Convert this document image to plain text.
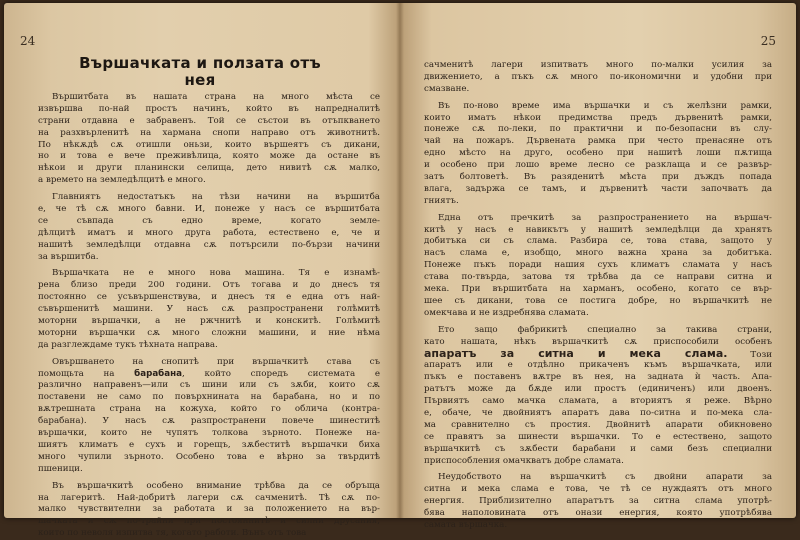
24
Вършачката и ползата отъ
нея
Вършитбата въ нашата страна на много мѣста се
извършва по-най простъ начинъ, който въ напредналитѣ
страни отдавна е забравенъ. Той се състои въ отъпкването
на разхвърленитѣ на хармана снопи направо отъ животнитѣ.
По нѣкѫдѣ сѫ отишли оньзи, които вършеятъ съ дикани,
но и това е вече преживѣлица, която може да остане въ
нѣкои и други планински селища, дето нивитѣ сѫ малко,
а времето на земледѣлцитѣ е много.
Главниятъ недостатъкъ на тѣзи начини на вършитба
е, че тѣ сѫ много бавни. И, понеже у насъ се вършитбата
се съвпада съ едно време, когато земле-
дѣлцитѣ иматъ и много друга работа, естествено е, че и
нашитѣ земледѣлци отдавна сѫ потърсили по-бързи начини
за вършитба.
Вършачката не е много нова машина. Тя е изнамѣ-
рена близо преди 200 години. Отъ тогава и до днесъ тя
постоянно се усъвършенствува, и днесъ тя е една отъ най-
съвършенитѣ машини. У насъ сѫ разпространени голѣмитѣ
моторни вършачки, а не ржчнитѣ и конскитѣ. Голѣмитѣ
моторни вършачки сѫ много сложни машини, и ние нѣма
да разглеждаме тукъ тѣхната направа.
Овършването на снопитѣ при вършачкитѣ става съ
помощьта на барабана, който споредъ системата е
различно направенъ—или съ шини или съ зѫби, които сѫ
поставени не само по повърхнината на барабана, но и по
вѫтрешната страна на кожуха, който го облича (контра-
барабана). У насъ сѫ разпространени повече шинеститѣ
вършачки, които не чупятъ толкова зърното. Понеже на-
шиятъ климатъ е сухъ и горещъ, зѫбеститѣ вършачки биха
много чупили зърното. Особено това е вѣрно за твърдитѣ
пшеници.
Въ вършачкитѣ особено внимание трѣбва да се обръща
на лагеритѣ. Най-добритѣ лагери сѫ сачменитѣ. Тѣ сѫ по-
малко чувствителни за работата и за положението на вър-
шачката и сѫ по-трайни при постояннитѣ и силни друсания,
които по неволя изпитва тя, когато работи. Вънъ отъ това
25
сачменитѣ лагери изпитватъ много по-малки усилия за
движението, а пъкъ сѫ много по-икономични и удобни при
смазване.
Въ по-ново време има вършачки и съ желѣзни рамки,
които иматъ нѣкои предимства предъ дървенитѣ рамки,
понеже сѫ по-леки, по практични и по-безопасни въ слу-
чай на пожаръ. Дървената рамка при често пренасяне отъ
едно мѣсто на друго, особено при нашитѣ лоши пѫтища
и особено при лошо време лесно се разклаща и се развър-
затъ болтоветѣ. Въ разяденитѣ мѣста при дъждъ попада
влага, задържа се тамъ, и дървенитѣ части започватъ да
гниятъ.
Една отъ пречкитѣ за разпространението на вършач-
китѣ у насъ е навикътъ у нашитѣ земледѣлци да хранятъ
добитъка си съ слама. Разбира се, това става, защото у
насъ слама е, изобщо, много важна храна за добитъка.
Понеже пъкъ поради нашия сухъ климатъ сламата у насъ
става по-твърда, затова тя трѣбва да се направи ситна и
мека. При вършитбата на харманъ, особено, когато се вър-
шее съ дикани, това се постига добре, но вършачкитѣ не
омекчава и не издребнява сламата.
Ето защо фабрикитѣ специално за такива страни,
като нашата, нѣкъ вършачкитѣ сѫ приспособили особенъ
апаратъ за ситна и мека слама. Този
апаратъ или е отдѣлно прикаченъ къмъ вършачката, или
пъкъ е поставенъ вѫтре въ нея, на задната ѝ часть. Апа-
ратътъ може да бѫде или простъ (единиченъ) или двоенъ.
Първиятъ само мачка сламата, а вториятъ я реже. Вѣрно
е, обаче, че двойниятъ апаратъ дава по-ситна и по-мека сла-
ма сравнително съ простия. Двойнитѣ апарати обикновено
се правятъ за шинести вършачки. То е естествено, защото
вършачкитѣ съ зѫбести барабани и сами безъ специални
приспособления омачкватъ добре сламата.
Неудобството на вършачкитѣ съ двойни апарати за
ситна и мека слама е това, че тѣ се нуждаятъ отъ много
енергия. Приблизително апаратътъ за ситна слама употрѣ-
бява наполовината отъ онази енергия, която употрѣбява
самата вършачка.
